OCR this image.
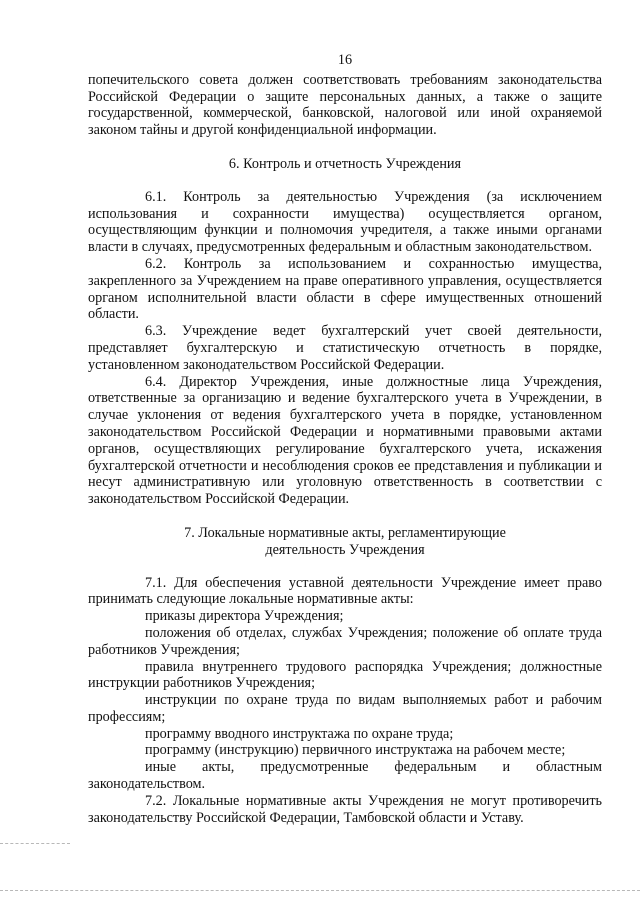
16

попечительского совета должен соответствовать требованиям законодательства Российской Федерации о защите персональных данных, а также о защите государственной, коммерческой, банковской, налоговой или иной охраняемой законом тайны и другой конфиденциальной информации.

6. Контроль и отчетность Учреждения

6.1. Контроль за деятельностью Учреждения (за исключением использования и сохранности имущества) осуществляется органом, осуществляющим функции и полномочия учредителя, а также иными органами власти в случаях, предусмотренных федеральным и областным законодательством.

6.2. Контроль за использованием и сохранностью имущества, закрепленного за Учреждением на праве оперативного управления, осуществляется органом исполнительной власти области в сфере имущественных отношений области.

6.3. Учреждение ведет бухгалтерский учет своей деятельности, представляет бухгалтерскую и статистическую отчетность в порядке, установленном законодательством Российской Федерации.

6.4. Директор Учреждения, иные должностные лица Учреждения, ответственные за организацию и ведение бухгалтерского учета в Учреждении, в случае уклонения от ведения бухгалтерского учета в порядке, установленном законодательством Российской Федерации и нормативными правовыми актами органов, осуществляющих регулирование бухгалтерского учета, искажения бухгалтерской отчетности и несоблюдения сроков ее представления и публикации и несут административную или уголовную ответственность в соответствии с законодательством Российской Федерации.

7. Локальные нормативные акты, регламентирующие

деятельность Учреждения

7.1. Для обеспечения уставной деятельности Учреждение имеет право принимать следующие локальные нормативные акты:

приказы директора Учреждения;

положения об отделах, службах Учреждения; положение об оплате труда работников Учреждения;

правила внутреннего трудового распорядка Учреждения; должностные инструкции работников Учреждения;

инструкции по охране труда по видам выполняемых работ и рабочим профессиям;

программу вводного инструктажа по охране труда;

программу (инструкцию) первичного инструктажа на рабочем месте;

иные акты, предусмотренные федеральным и областным законодательством.

7.2. Локальные нормативные акты Учреждения не могут противоречить законодательству Российской Федерации, Тамбовской области и Уставу.
